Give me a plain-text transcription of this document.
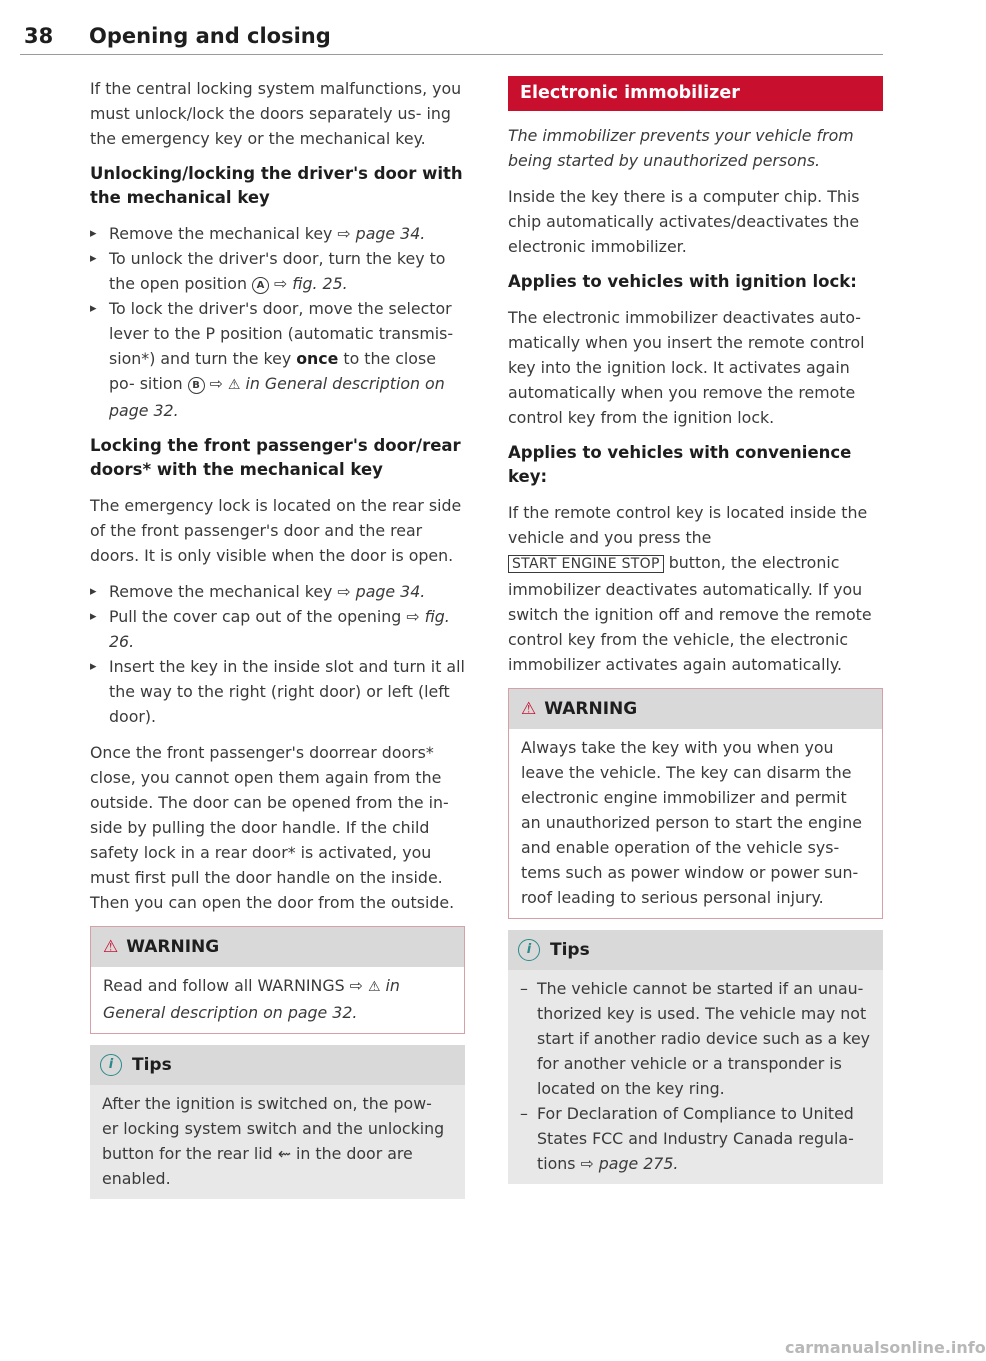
38 Opening and closing

If the central locking system malfunctions, you must unlock/lock the doors separately us- ing the emergency key or the mechanical key.

Unlocking/locking the driver's door with the mechanical key
▸ Remove the mechanical key ⇨ page 34.
▸ To unlock the driver's door, turn the key to the open position A ⇨ fig. 25.
▸ To lock the driver's door, move the selector lever to the P position (automatic transmis- sion*) and turn the key once to the close po- sition B ⇨ ⚠ in General description on page 32.
Locking the front passenger's door/rear doors* with the mechanical key

The emergency lock is located on the rear side of the front passenger's door and the rear doors. It is only visible when the door is open.

▸ Remove the mechanical key ⇨ page 34.
▸ Pull the cover cap out of the opening ⇨ fig. 26.
▸ Insert the key in the inside slot and turn it all the way to the right (right door) or left (left door).

Once the front passenger's doorrear doors* close, you cannot open them again from the outside. The door can be opened from the in- side by pulling the door handle. If the child safety lock in a rear door* is activated, you must first pull the door handle on the inside. Then you can open the door from the outside.

⚠ WARNING
Read and follow all WARNINGS ⇨ ⚠ in General description on page 32.
i Tips
After the ignition is switched on, the pow- er locking system switch and the unlocking button for the rear lid ⇜ in the door are enabled.
Electronic immobilizer

The immobilizer prevents your vehicle from being started by unauthorized persons.

Inside the key there is a computer chip. This chip automatically activates/deactivates the electronic immobilizer.

Applies to vehicles with ignition lock:

The electronic immobilizer deactivates auto- matically when you insert the remote control key into the ignition lock. It activates again automatically when you remove the remote control key from the ignition lock.

Applies to vehicles with convenience key:

If the remote control key is located inside the vehicle and you press the
START ENGINE STOP button, the electronic immobilizer deactivates automatically. If you switch the ignition off and remove the remote control key from the vehicle, the electronic immobilizer activates again automatically.

⚠ WARNING
Always take the key with you when you leave the vehicle. The key can disarm the electronic engine immobilizer and permit an unauthorized person to start the engine and enable operation of the vehicle sys- tems such as power window or power sun- roof leading to serious personal injury.
i Tips
– The vehicle cannot be started if an unau- thorized key is used. The vehicle may not start if another radio device such as a key for another vehicle or a transponder is located on the key ring.
– For Declaration of Compliance to United States FCC and Industry Canada regula- tions ⇨ page 275.
carmanualsonline.info
